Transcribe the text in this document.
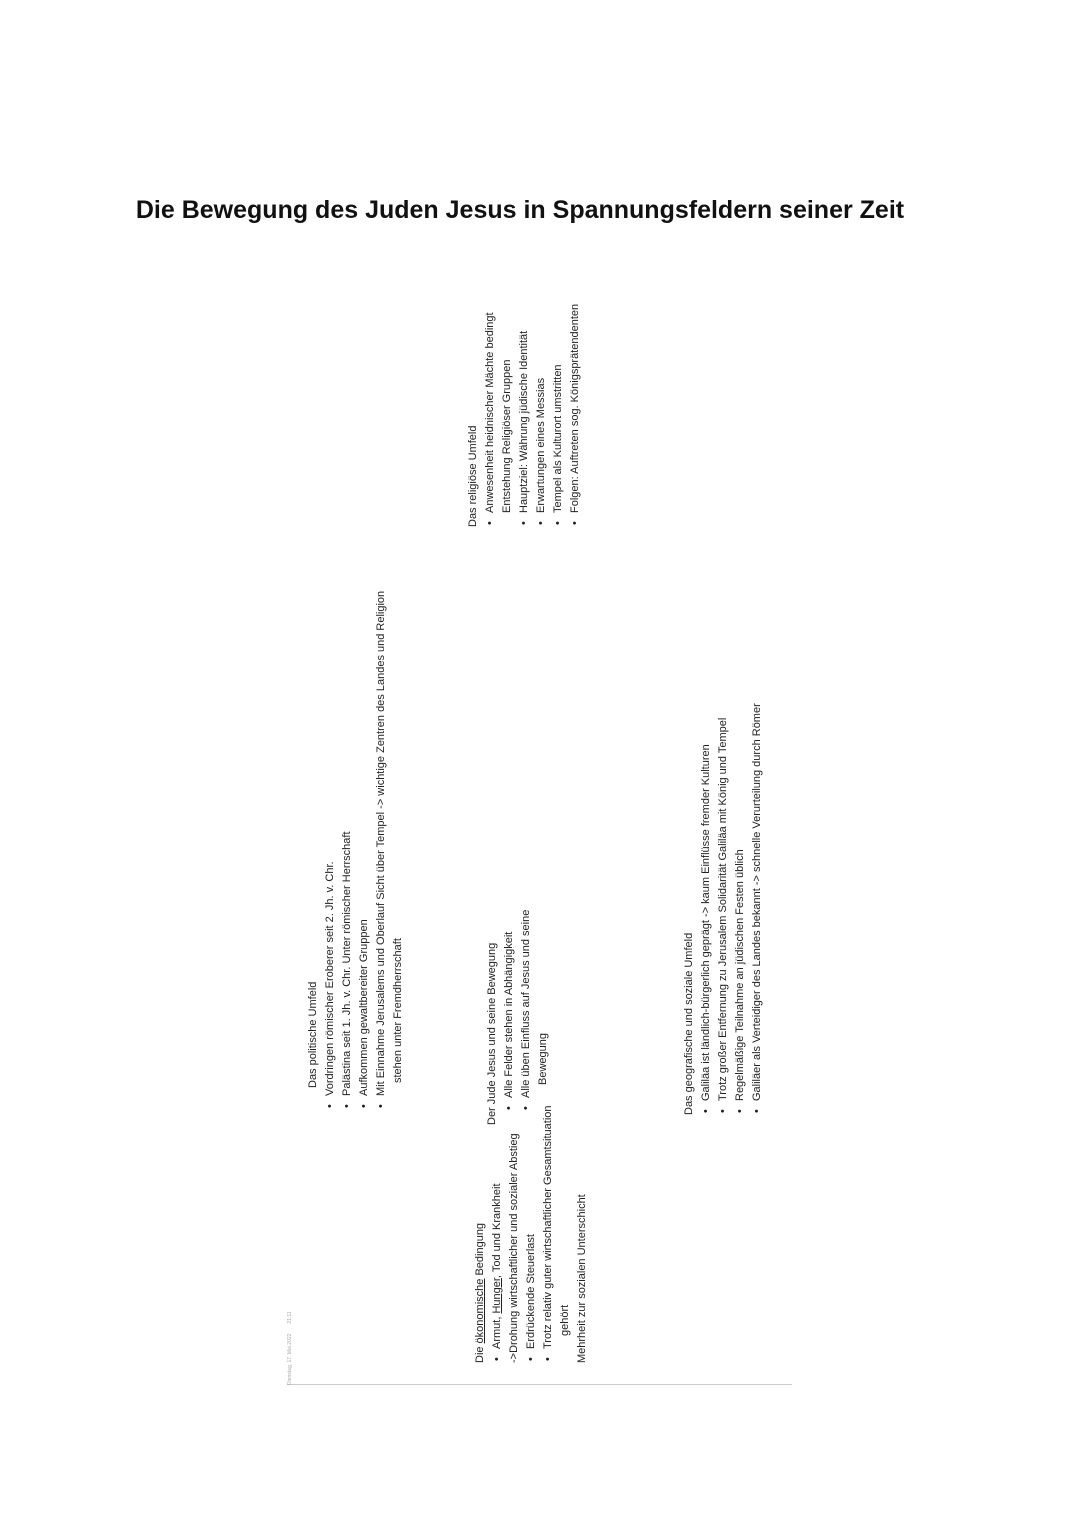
Die Bewegung des Juden Jesus in Spannungsfeldern seiner Zeit
Dienstag, 17. Mai 202221:11
Das politische Umfeld • Vordringen römischer Eroberer seit 2. Jh. v. Chr. • Palästina seit 1. Jh. v. Chr. Unter römischer Herrschaft • Aufkommen gewaltbereiter Gruppen • Mit Einnahme Jerusalems und Oberlauf Sicht über Tempel -> wichtige Zentren des Landes und Religion stehen unter Fremdherrschaft
Die ökonomische Bedingung
• Armut, Hunger, Tod und Krankheit ->Drohung wirtschaftlicher und sozialer Abstieg • Erdrückende Steuerlast • Trotz relativ guter wirtschaftlicher Gesamtsituation gehört Mehrheit zur sozialen Unterschicht
Der Jude Jesus und seine Bewegung • Alle Felder stehen in Abhängigkeit • Alle üben Einfluss auf Jesus und seine Bewegung
Das religiöse Umfeld • Anwesenheit heidnischer Mächte bedingt Entstehung Religiöser Gruppen • Hauptziel: Währung jüdische Identität • Erwartungen eines Messias • Tempel als Kulturort umstritten • Folgen: Auftreten sog. Königsprätendenten
Das geografische und soziale Umfeld • Galiläa ist ländlich-bürgerlich geprägt -> kaum Einflüsse fremder Kulturen • Trotz großer Entfernung zu Jerusalem Solidarität Galiläa mit König und Tempel • Regelmäßige Teilnahme an jüdischen Festen üblich • Galiläer als Verteidiger des Landes bekannt -> schnelle Verurteilung durch Römer
